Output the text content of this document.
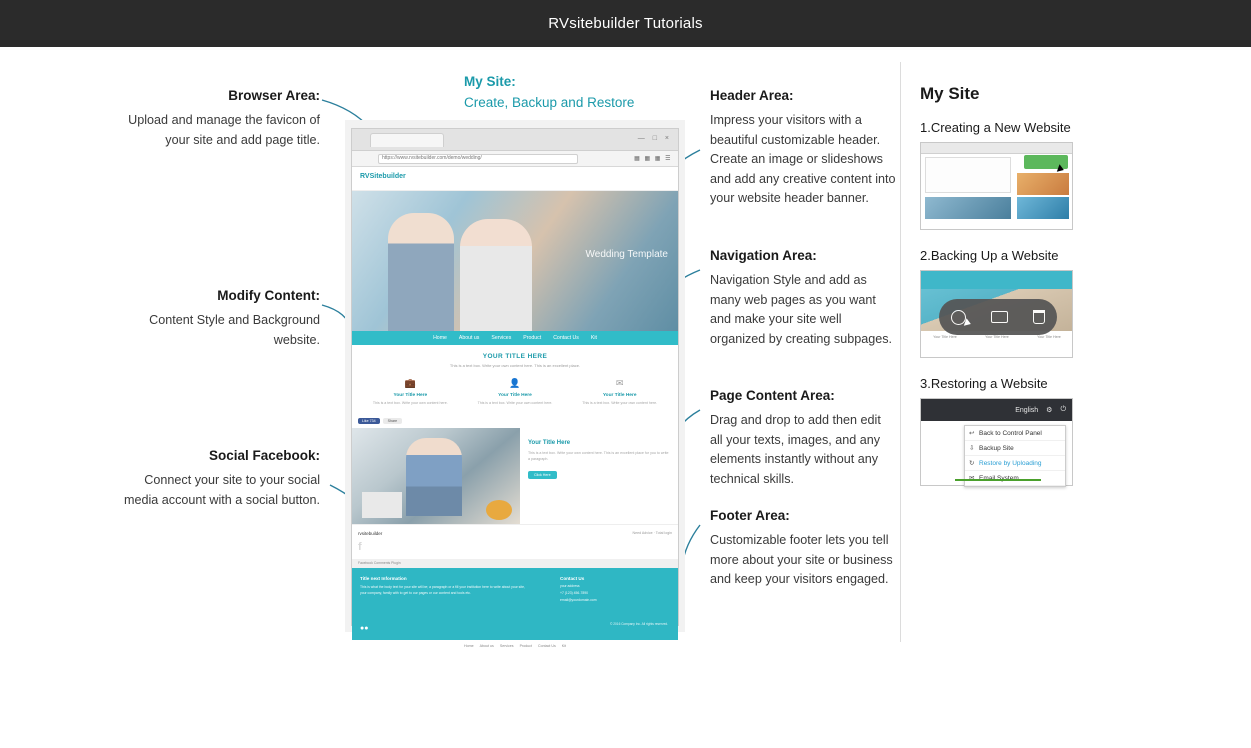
RVsitebuilder Tutorials
Browser Area:
Upload and manage the favicon of your site and add page title.
Modify Content:
Content Style and Background website.
Social Facebook:
Connect your site to your social media account with a social button.
My Site:
Create, Backup and Restore	Header Area:
Impress your visitors with a beautiful customizable header. Create an image or slideshows and add any creative content into your website header banner.
Navigation Area:
Navigation Style and add as many web pages as you want and make your site well organized by creating subpages.
Page Content Area:
Drag and drop to add then edit all your texts, images, and any elements instantly without any technical skills.
Footer Area:
Customizable footer lets you tell more about your site or business and keep your visitors engaged.
— □ ×
https://www.rvsitebuilder.com/demo/wedding/	▦ ▦ ▦ ☰
RVSitebuilder
Wedding Template
Home About us Services Product Contact Us Kit
YOUR TITLE HERE
This is a text box. Write your own content here. This is an excellent place.
💼
Your Title Here
This is a text box. Write your own content here.
👤
Your Title Here
This is a text box. Write your own content here.
✉
Your Title Here
This is a text box. Write your own content here.
Like 734	Share
Your Title Here
This is a text box. Write your own content here. This is an excellent place for you to write a paragraph.
Click Here
rvsitebuilder
f
Need Advice · Total login
Facebook Comments Plugin
Title next Information
This is what the body text for your site will be; a paragraph or a fill your institution here to write about your site, your company, family with to get to our pages or our content and tools etc.
Contact Us
your address
+7 (123) 456-7890
email@yourdomain.com
●●
© 2016 Company Inc. All rights reserved.
Home About us Services Product Contact Us Kit
My Site
1.Creating a New Website
2.Backing Up a Website
Your Title Here	Your Title Here	Your Title Here
3.Restoring a Website
English ⚙ ⏻
↩ Back to Control Panel
⇩ Backup Site
↻ Restore by Uploading
